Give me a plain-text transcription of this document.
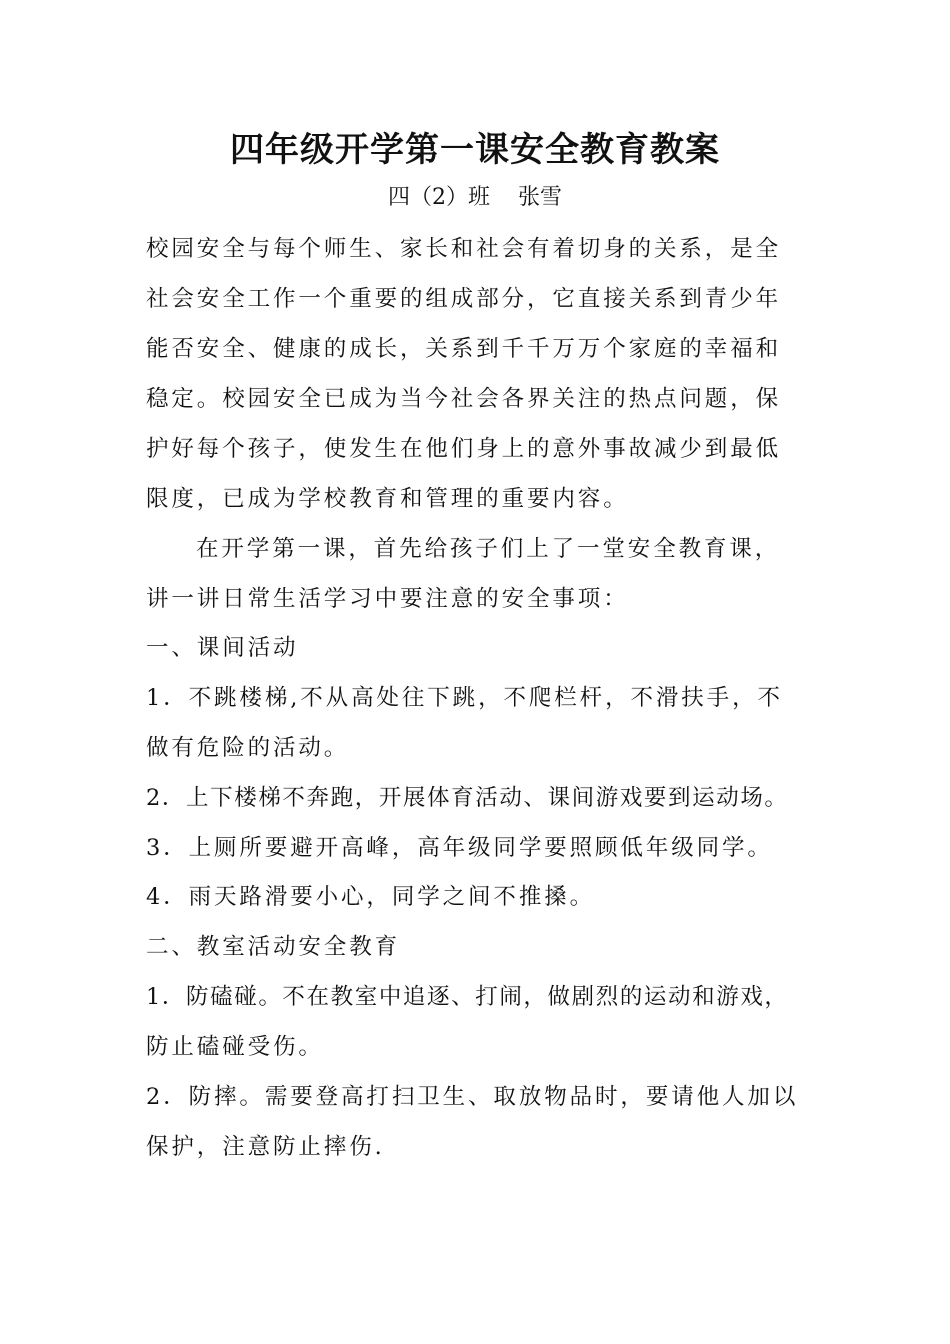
四年级开学第一课安全教育教案
四（2）班    张雪
校园安全与每个师生、家长和社会有着切身的关系，是全
社会安全工作一个重要的组成部分，它直接关系到青少年
能否安全、健康的成长，关系到千千万万个家庭的幸福和
稳定。校园安全已成为当今社会各界关注的热点问题，保
护好每个孩子，使发生在他们身上的意外事故减少到最低
限度，已成为学校教育和管理的重要内容。
在开学第一课，首先给孩子们上了一堂安全教育课，
讲一讲日常生活学习中要注意的安全事项：
一、课间活动
1．不跳楼梯,不从高处往下跳，不爬栏杆，不滑扶手，不
做有危险的活动。
2．上下楼梯不奔跑，开展体育活动、课间游戏要到运动场。
3．上厕所要避开高峰，高年级同学要照顾低年级同学。
4．雨天路滑要小心，同学之间不推搡。
二、教室活动安全教育
1．防磕碰。不在教室中追逐、打闹，做剧烈的运动和游戏，
防止磕碰受伤。
2．防摔。需要登高打扫卫生、取放物品时，要请他人加以
保护，注意防止摔伤.
